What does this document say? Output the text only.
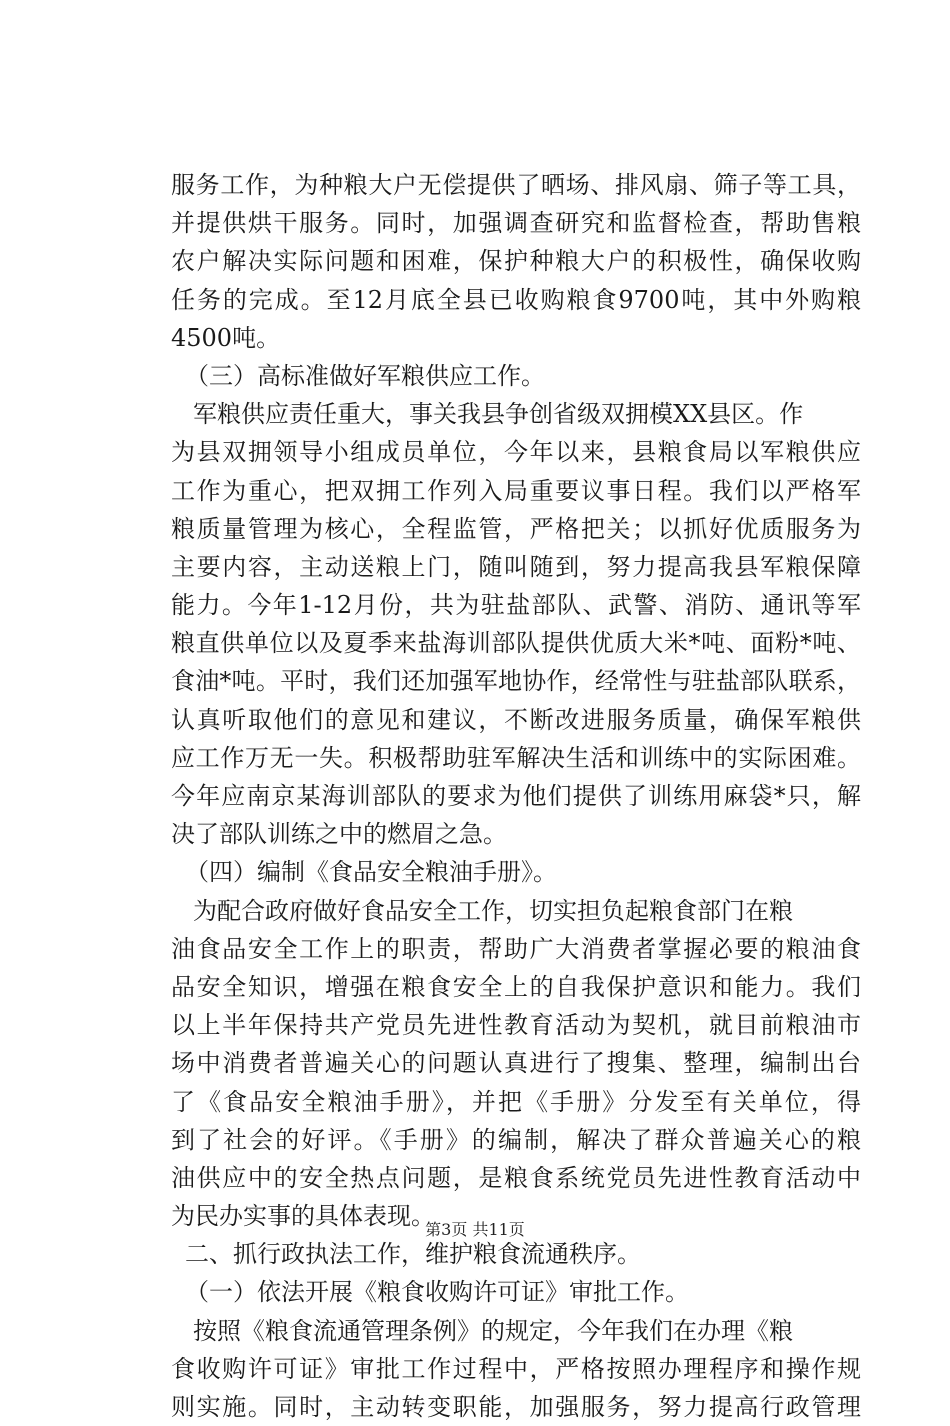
服务工作，为种粮大户无偿提供了晒场、排风扇、筛子等工具，
并提供烘干服务。同时，加强调查研究和监督检查，帮助售粮
农户解决实际问题和困难，保护种粮大户的积极性，确保收购
任务的完成。至12月底全县已收购粮食9700吨，其中外购粮
4500吨。
（三）高标准做好军粮供应工作。
军粮供应责任重大，事关我县争创省级双拥模XX县区。作
为县双拥领导小组成员单位，今年以来，县粮食局以军粮供应
工作为重心，把双拥工作列入局重要议事日程。我们以严格军
粮质量管理为核心，全程监管，严格把关；以抓好优质服务为
主要内容，主动送粮上门，随叫随到，努力提高我县军粮保障
能力。今年1-12月份，共为驻盐部队、武警、消防、通讯等军
粮直供单位以及夏季来盐海训部队提供优质大米*吨、面粉*吨、
食油*吨。平时，我们还加强军地协作，经常性与驻盐部队联系，
认真听取他们的意见和建议，不断改进服务质量，确保军粮供
应工作万无一失。积极帮助驻军解决生活和训练中的实际困难。
今年应南京某海训部队的要求为他们提供了训练用麻袋*只，解
决了部队训练之中的燃眉之急。
（四）编制《食品安全粮油手册》。
为配合政府做好食品安全工作，切实担负起粮食部门在粮
油食品安全工作上的职责，帮助广大消费者掌握必要的粮油食
品安全知识，增强在粮食安全上的自我保护意识和能力。我们
以上半年保持共产党员先进性教育活动为契机，就目前粮油市
场中消费者普遍关心的问题认真进行了搜集、整理，编制出台
了《食品安全粮油手册》，并把《手册》分发至有关单位，得
到了社会的好评。《手册》的编制，解决了群众普遍关心的粮
油供应中的安全热点问题，是粮食系统党员先进性教育活动中
为民办实事的具体表现。
二、抓行政执法工作，维护粮食流通秩序。
（一）依法开展《粮食收购许可证》审批工作。
按照《粮食流通管理条例》的规定，今年我们在办理《粮
食收购许可证》审批工作过程中，严格按照办理程序和操作规
则实施。同时，主动转变职能，加强服务，努力提高行政管理
第3页 共11页
